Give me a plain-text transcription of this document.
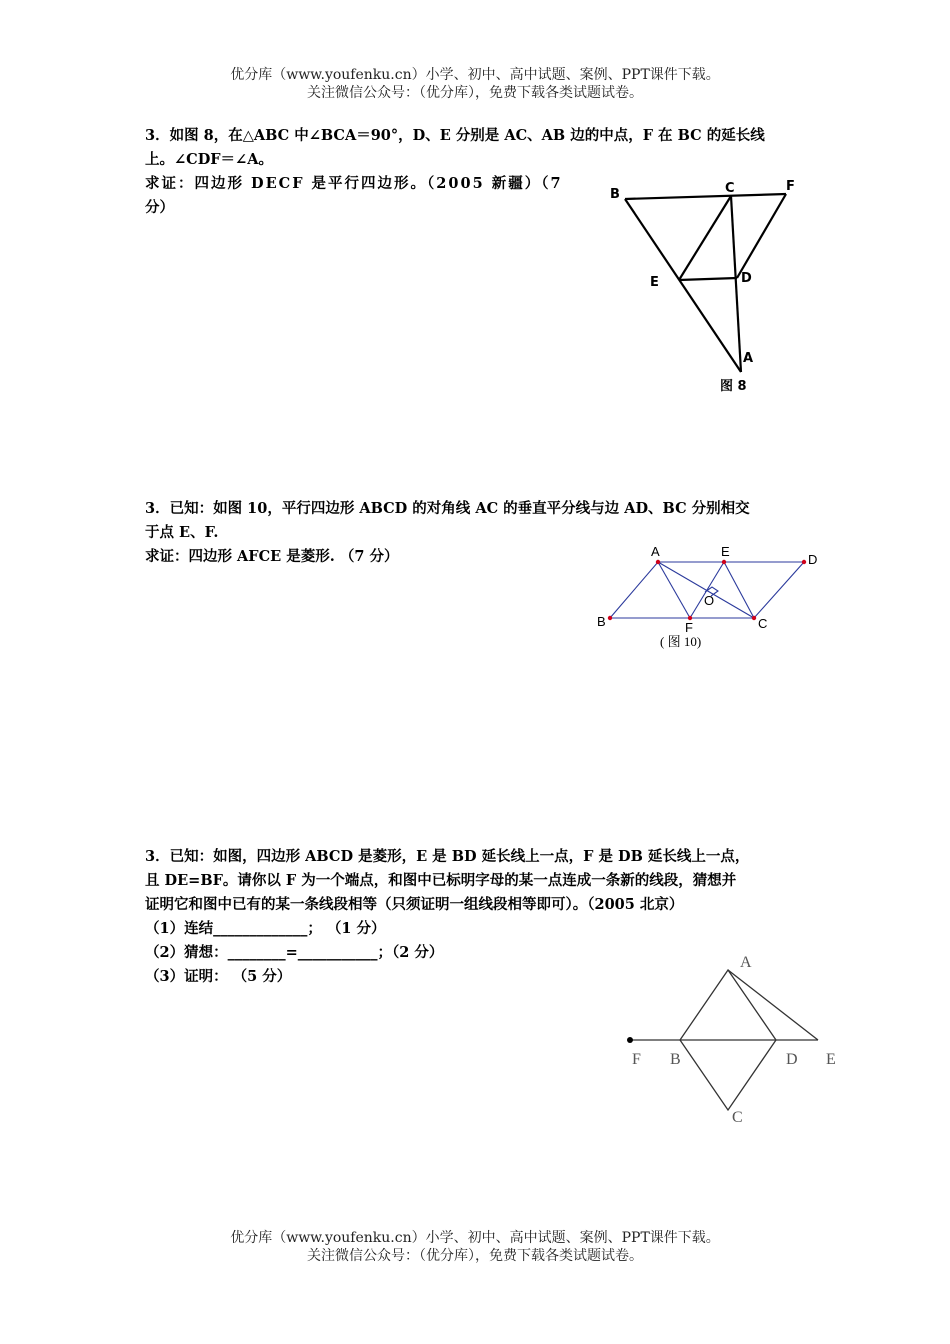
优分库（www.youfenku.cn）小学、初中、高中试题、案例、PPT课件下载。
关注微信公众号：（优分库），免费下载各类试题试卷。

3．如图 8，在△ABC 中∠BCA＝90°，D、E 分别是 AC、AB 边的中点，F 在 BC 的延长线

上。∠CDF＝∠A。

求证：四边形 DECF 是平行四边形。（2005 新疆）（7

分）

B	C	F
E	D
A
图 8

3．已知：如图 10，平行四边形 ABCD 的对角线 AC 的垂直平分线与边 AD、BC 分别相交

于点 E、F.

求证：四边形 AFCE 是菱形. （7 分）	A	E
D
O
B	F	C
( 图 10)

3．已知：如图，四边形 ABCD 是菱形，E 是 BD 延长线上一点，F 是 DB 延长线上一点，

且 DE=BF。请你以 F 为一个端点，和图中已标明字母的某一点连成一条新的线段，猜想并

证明它和图中已有的某一条线段相等（只须证明一组线段相等即可）。（2005 北京）

（1）连结_____________； （1 分）

（2）猜想：________=___________；（2 分）

（3）证明： （5 分）

A
F B	D E
C
优分库（www.youfenku.cn）小学、初中、高中试题、案例、PPT课件下载。
关注微信公众号：（优分库），免费下载各类试题试卷。
